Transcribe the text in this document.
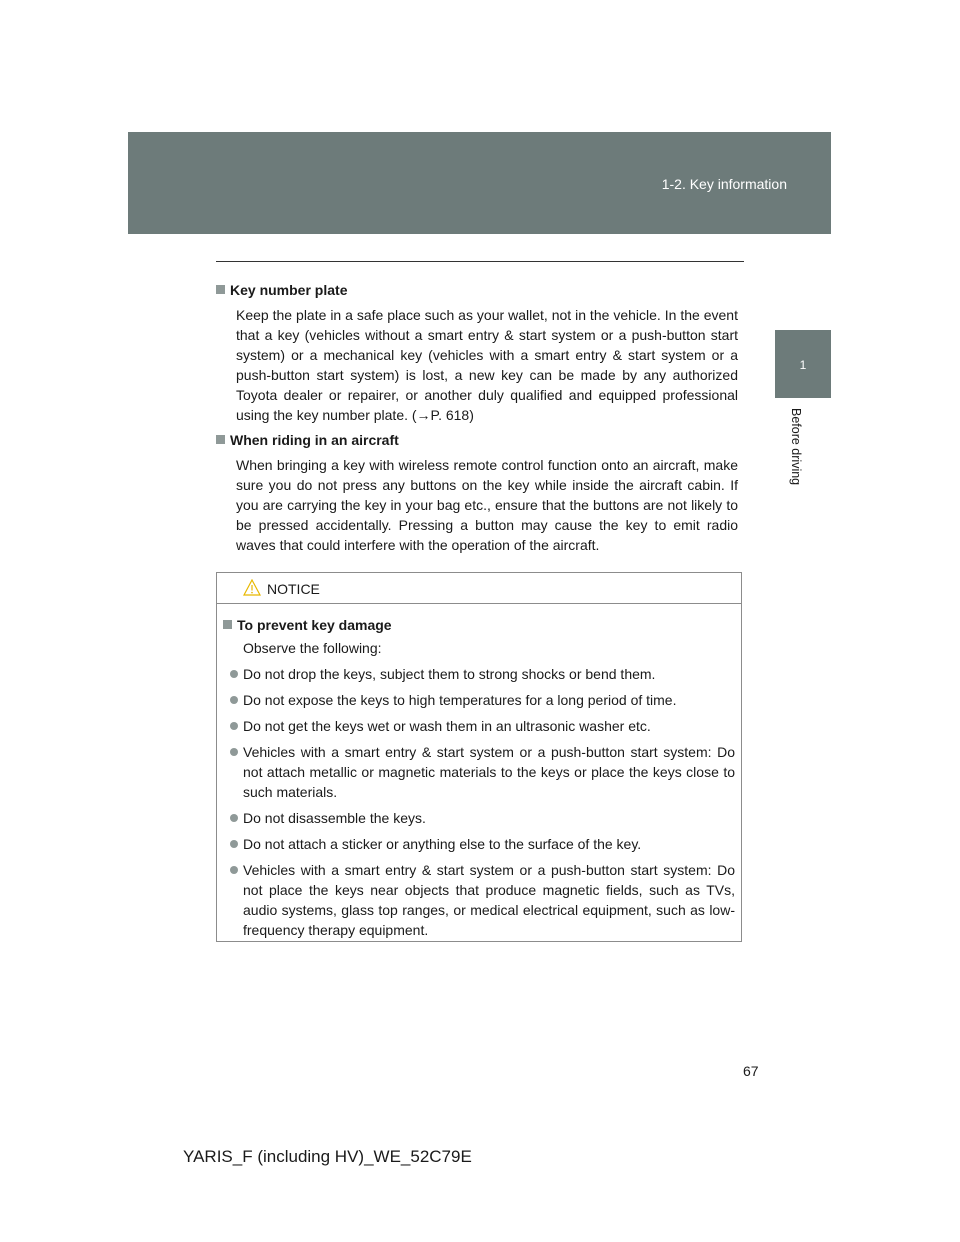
1-2. Key information
1
Before driving
Key number plate

Keep the plate in a safe place such as your wallet, not in the vehicle. In the event that a key (vehicles without a smart entry & start system or a push-button start system) or a mechanical key (vehicles with a smart entry & start system or a push-button start system) is lost, a new key can be made by any authorized Toyota dealer or repairer, or another duly qualified and equipped professional using the key number plate. (→P. 618)

When riding in an aircraft

When bringing a key with wireless remote control function onto an aircraft, make sure you do not press any buttons on the key while inside the aircraft cabin. If you are carrying the key in your bag etc., ensure that the buttons are not likely to be pressed accidentally. Pressing a button may cause the key to emit radio waves that could interfere with the operation of the aircraft.

NOTICE
To prevent key damage

Observe the following:

Do not drop the keys, subject them to strong shocks or bend them.
Do not expose the keys to high temperatures for a long period of time.
Do not get the keys wet or wash them in an ultrasonic washer etc.
Vehicles with a smart entry & start system or a push-button start system: Do not attach metallic or magnetic materials to the keys or place the keys close to such materials.
Do not disassemble the keys.
Do not attach a sticker or anything else to the surface of the key.
Vehicles with a smart entry & start system or a push-button start system: Do not place the keys near objects that produce magnetic fields, such as TVs, audio systems, glass top ranges, or medical electrical equipment, such as low-frequency therapy equipment.
67
YARIS_F (including HV)_WE_52C79E
